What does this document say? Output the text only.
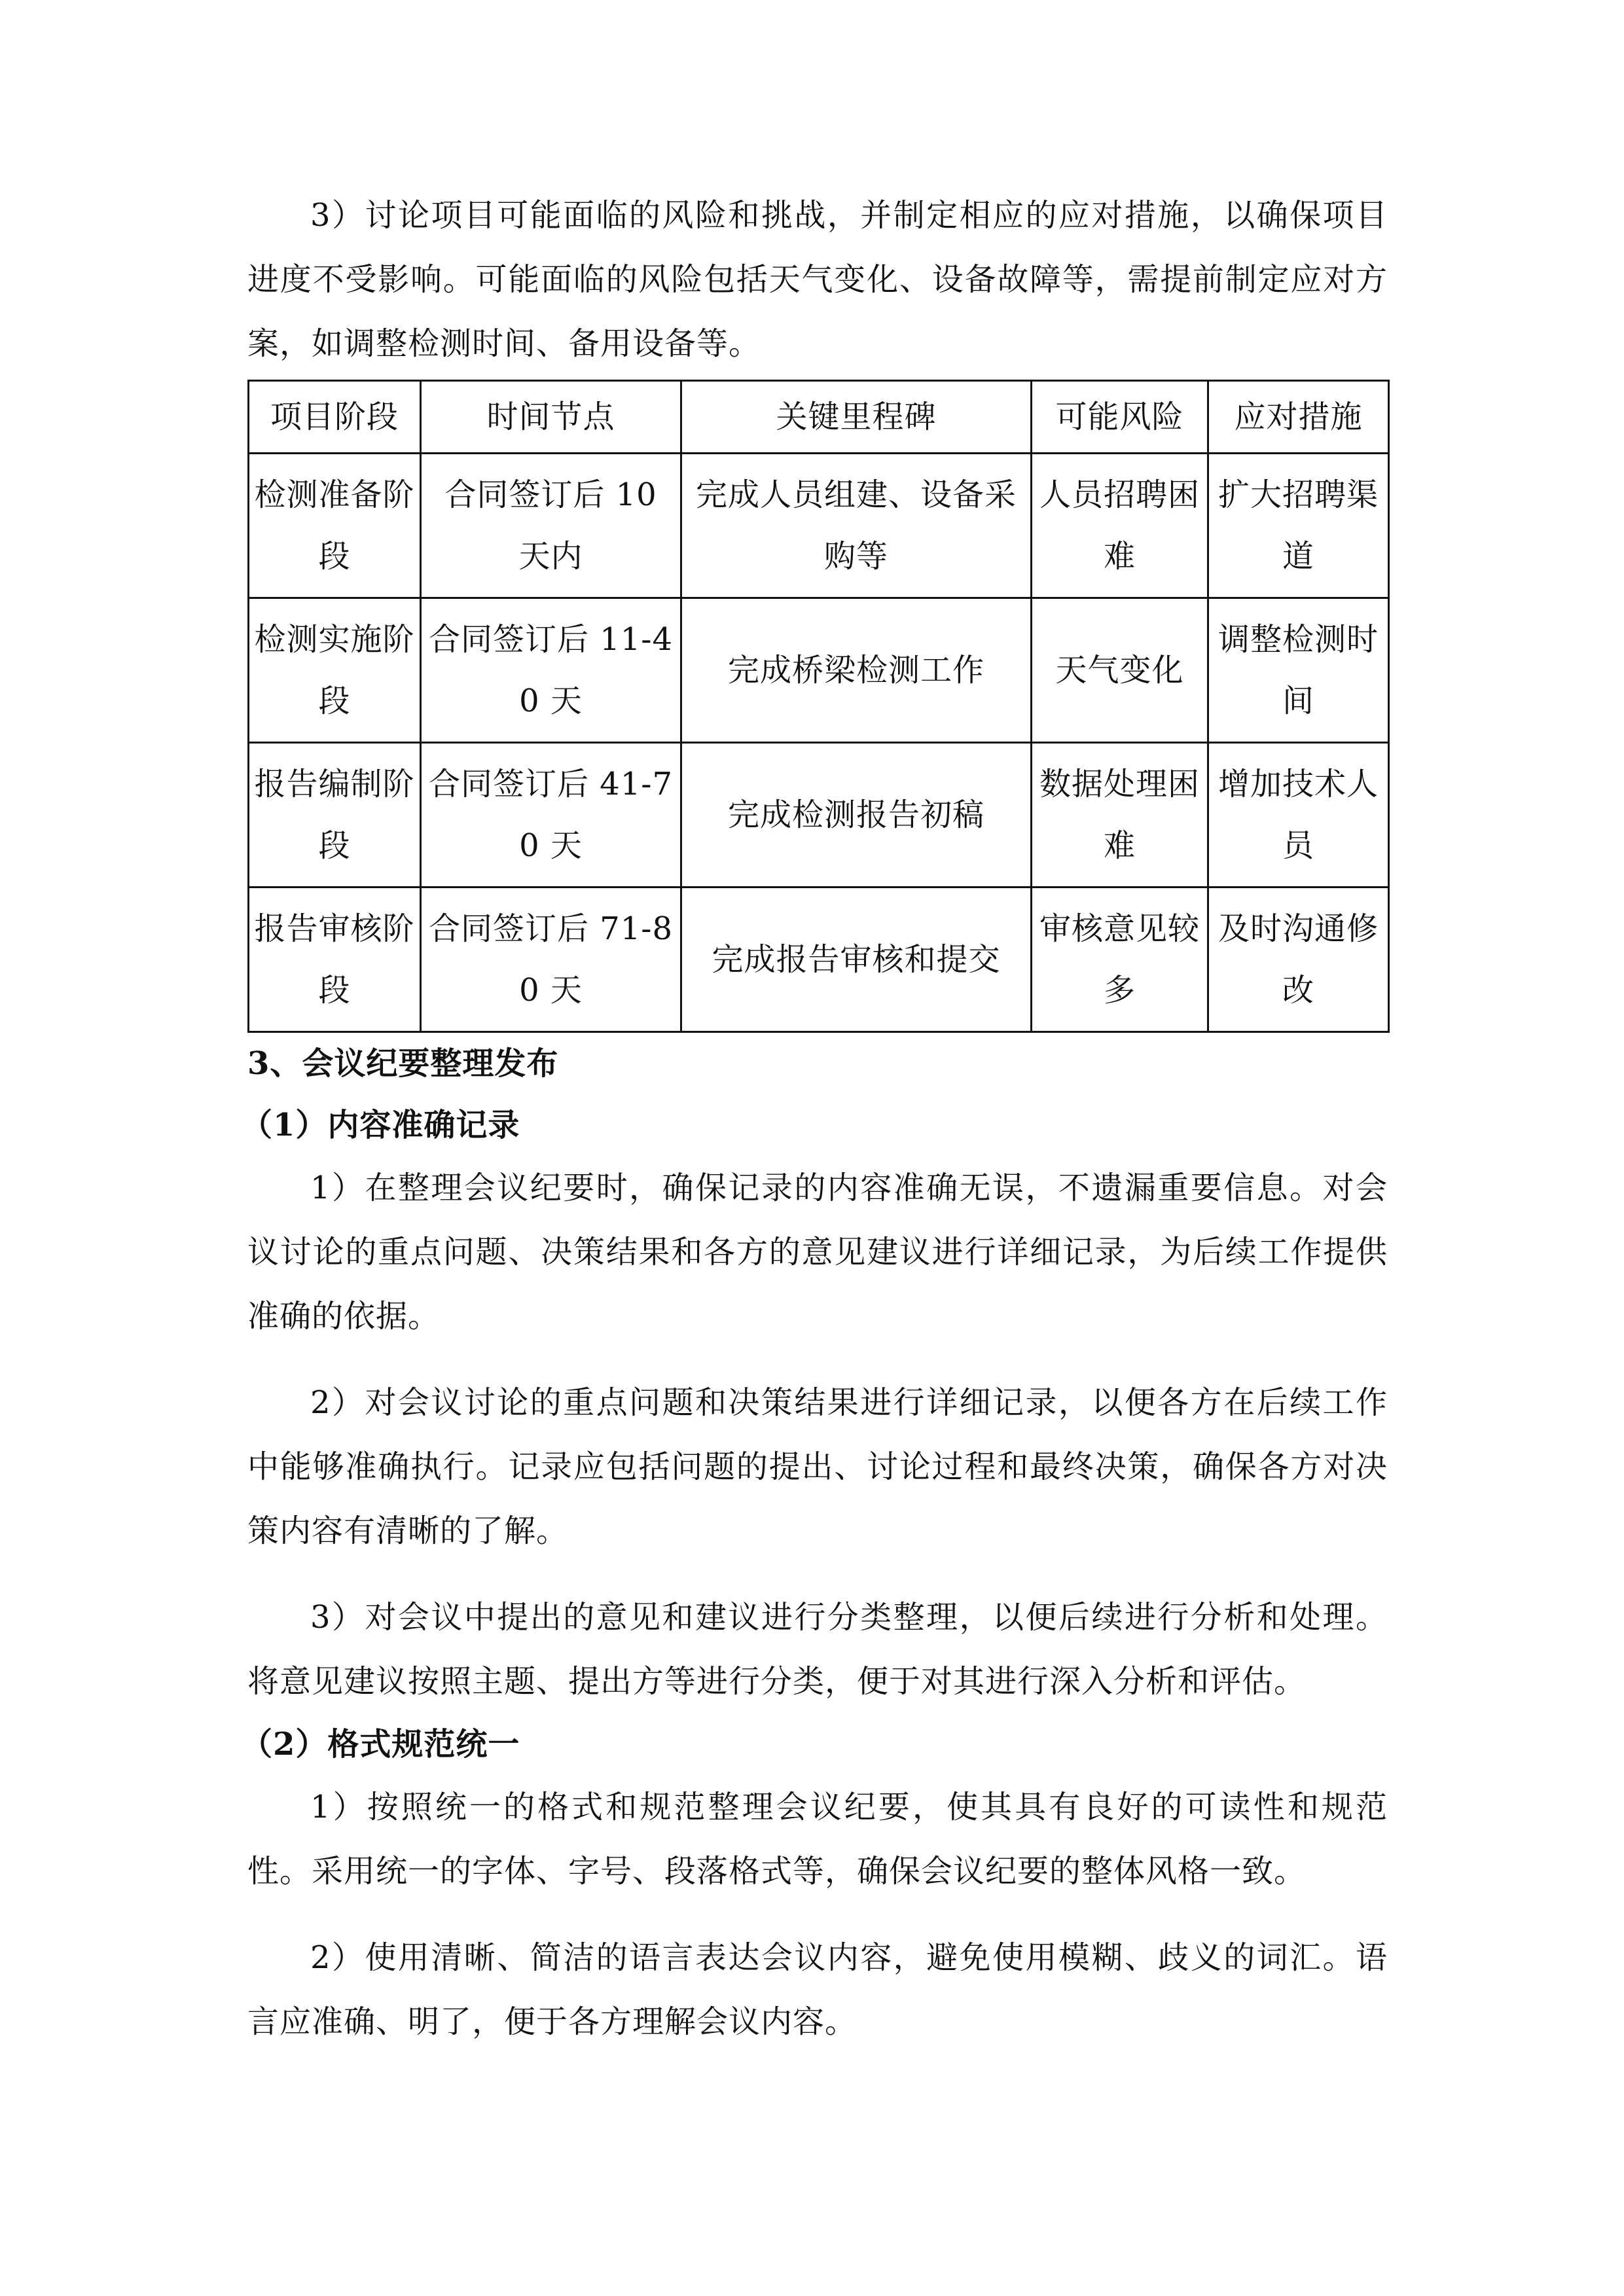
3）讨论项目可能面临的风险和挑战，并制定相应的应对措施，以确保项目进度不受影响。可能面临的风险包括天气变化、设备故障等，需提前制定应对方案，如调整检测时间、备用设备等。

项目阶段	时间节点	关键里程碑	可能风险	应对措施
检测准备阶段	合同签订后 10 天内	完成人员组建、设备采购等	人员招聘困难	扩大招聘渠道
检测实施阶段	合同签订后 11-40 天	完成桥梁检测工作	天气变化	调整检测时间
报告编制阶段	合同签订后 41-70 天	完成检测报告初稿	数据处理困难	增加技术人员
报告审核阶段	合同签订后 71-80 天	完成报告审核和提交	审核意见较多	及时沟通修改
3、会议纪要整理发布
（1）内容准确记录

1）在整理会议纪要时，确保记录的内容准确无误，不遗漏重要信息。对会议讨论的重点问题、决策结果和各方的意见建议进行详细记录，为后续工作提供准确的依据。

2）对会议讨论的重点问题和决策结果进行详细记录，以便各方在后续工作中能够准确执行。记录应包括问题的提出、讨论过程和最终决策，确保各方对决策内容有清晰的了解。

3）对会议中提出的意见和建议进行分类整理，以便后续进行分析和处理。将意见建议按照主题、提出方等进行分类，便于对其进行深入分析和评估。

（2）格式规范统一

1）按照统一的格式和规范整理会议纪要，使其具有良好的可读性和规范性。采用统一的字体、字号、段落格式等，确保会议纪要的整体风格一致。

2）使用清晰、简洁的语言表达会议内容，避免使用模糊、歧义的词汇。语言应准确、明了，便于各方理解会议内容。
